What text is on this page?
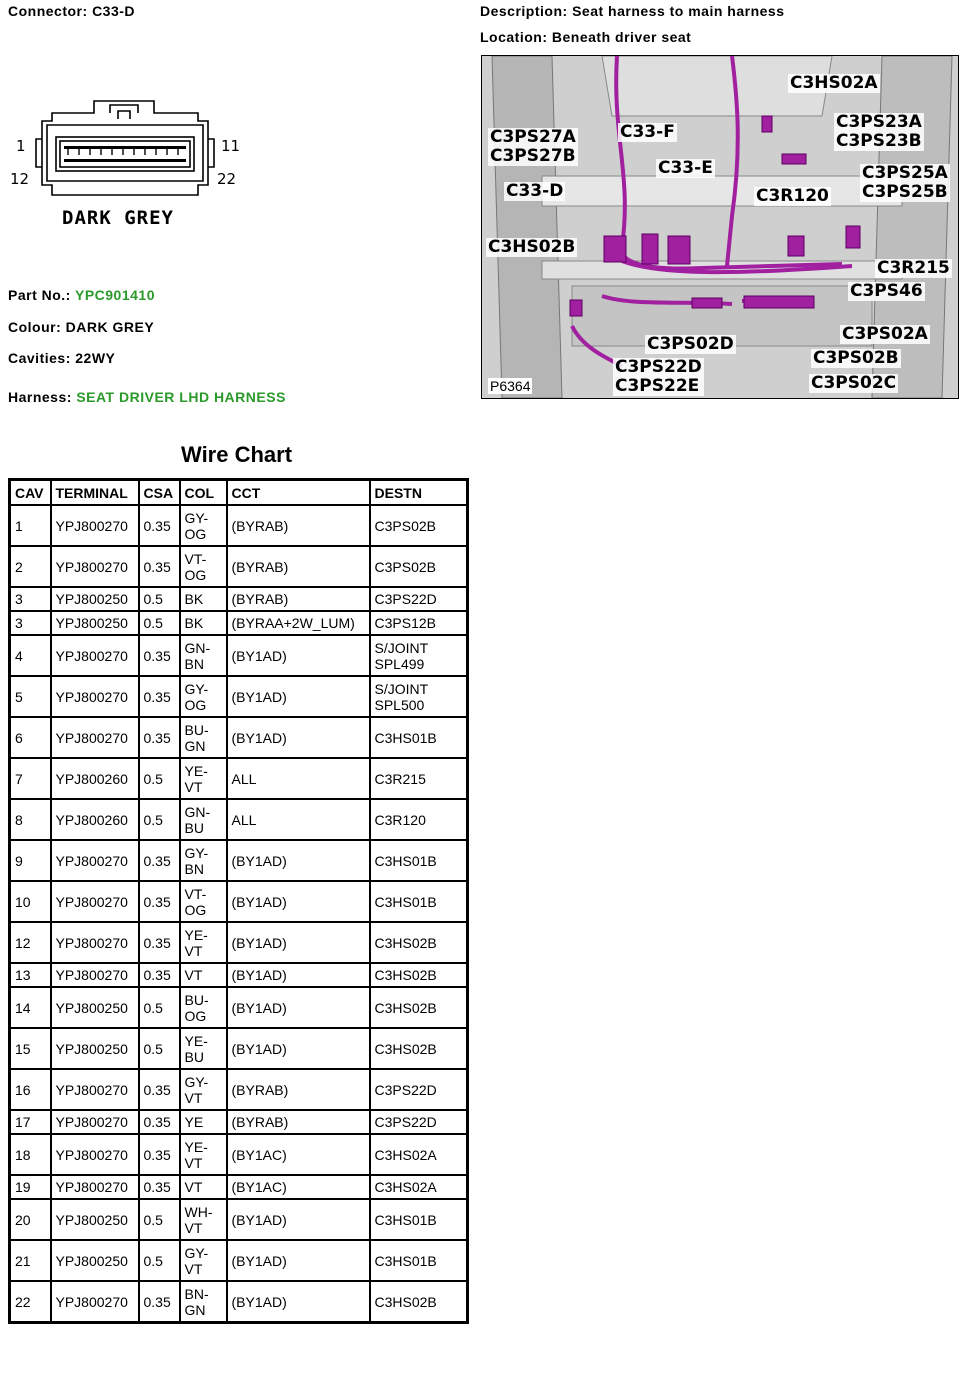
Connector: C33-D	Description: Seat harness to main harness
Location: Beneath driver seat
1
12
11
22
DARK GREY
Part No.: YPC901410
Colour: DARK GREY
Cavities: 22WY
Harness: SEAT DRIVER LHD HARNESS
C3HS02A
C3PS23A
C3PS23B
C3PS27A
C3PS27B
C33-F
C33-E
C33-D	C3R120
C3PS25A
C3PS25B
C3HS02B
C3R215
C3PS46
C3PS02D	C3PS02A
C3PS22D
C3PS22E
C3PS02B
C3PS02C
P6364
Wire Chart
CAV	TERMINAL	CSA	COL	CCT	DESTN

1	YPJ800270	0.35	GY-
OG	(BYRAB)	C3PS02B

2	YPJ800270	0.35	VT-
OG	(BYRAB)	C3PS02B

3	YPJ800250	0.5	BK	(BYRAB)	C3PS22D

3	YPJ800250	0.5	BK	(BYRAA+2W_LUM)	C3PS12B

4	YPJ800270	0.35	GN-
BN	(BY1AD)	S/JOINT
SPL499

5	YPJ800270	0.35	GY-
OG	(BY1AD)	S/JOINT
SPL500

6	YPJ800270	0.35	BU-
GN	(BY1AD)	C3HS01B

7	YPJ800260	0.5	YE-
VT	ALL	C3R215

8	YPJ800260	0.5	GN-
BU	ALL	C3R120

9	YPJ800270	0.35	GY-
BN	(BY1AD)	C3HS01B

10	YPJ800270	0.35	VT-
OG	(BY1AD)	C3HS01B

12	YPJ800270	0.35	YE-
VT	(BY1AD)	C3HS02B

13	YPJ800270	0.35	VT	(BY1AD)	C3HS02B

14	YPJ800250	0.5	BU-
OG	(BY1AD)	C3HS02B

15	YPJ800250	0.5	YE-
BU	(BY1AD)	C3HS02B

16	YPJ800270	0.35	GY-
VT	(BYRAB)	C3PS22D

17	YPJ800270	0.35	YE	(BYRAB)	C3PS22D

18	YPJ800270	0.35	YE-
VT	(BY1AC)	C3HS02A

19	YPJ800270	0.35	VT	(BY1AC)	C3HS02A

20	YPJ800250	0.5	WH-
VT	(BY1AD)	C3HS01B

21	YPJ800250	0.5	GY-
VT	(BY1AD)	C3HS01B

22	YPJ800270	0.35	BN-
GN	(BY1AD)	C3HS02B
